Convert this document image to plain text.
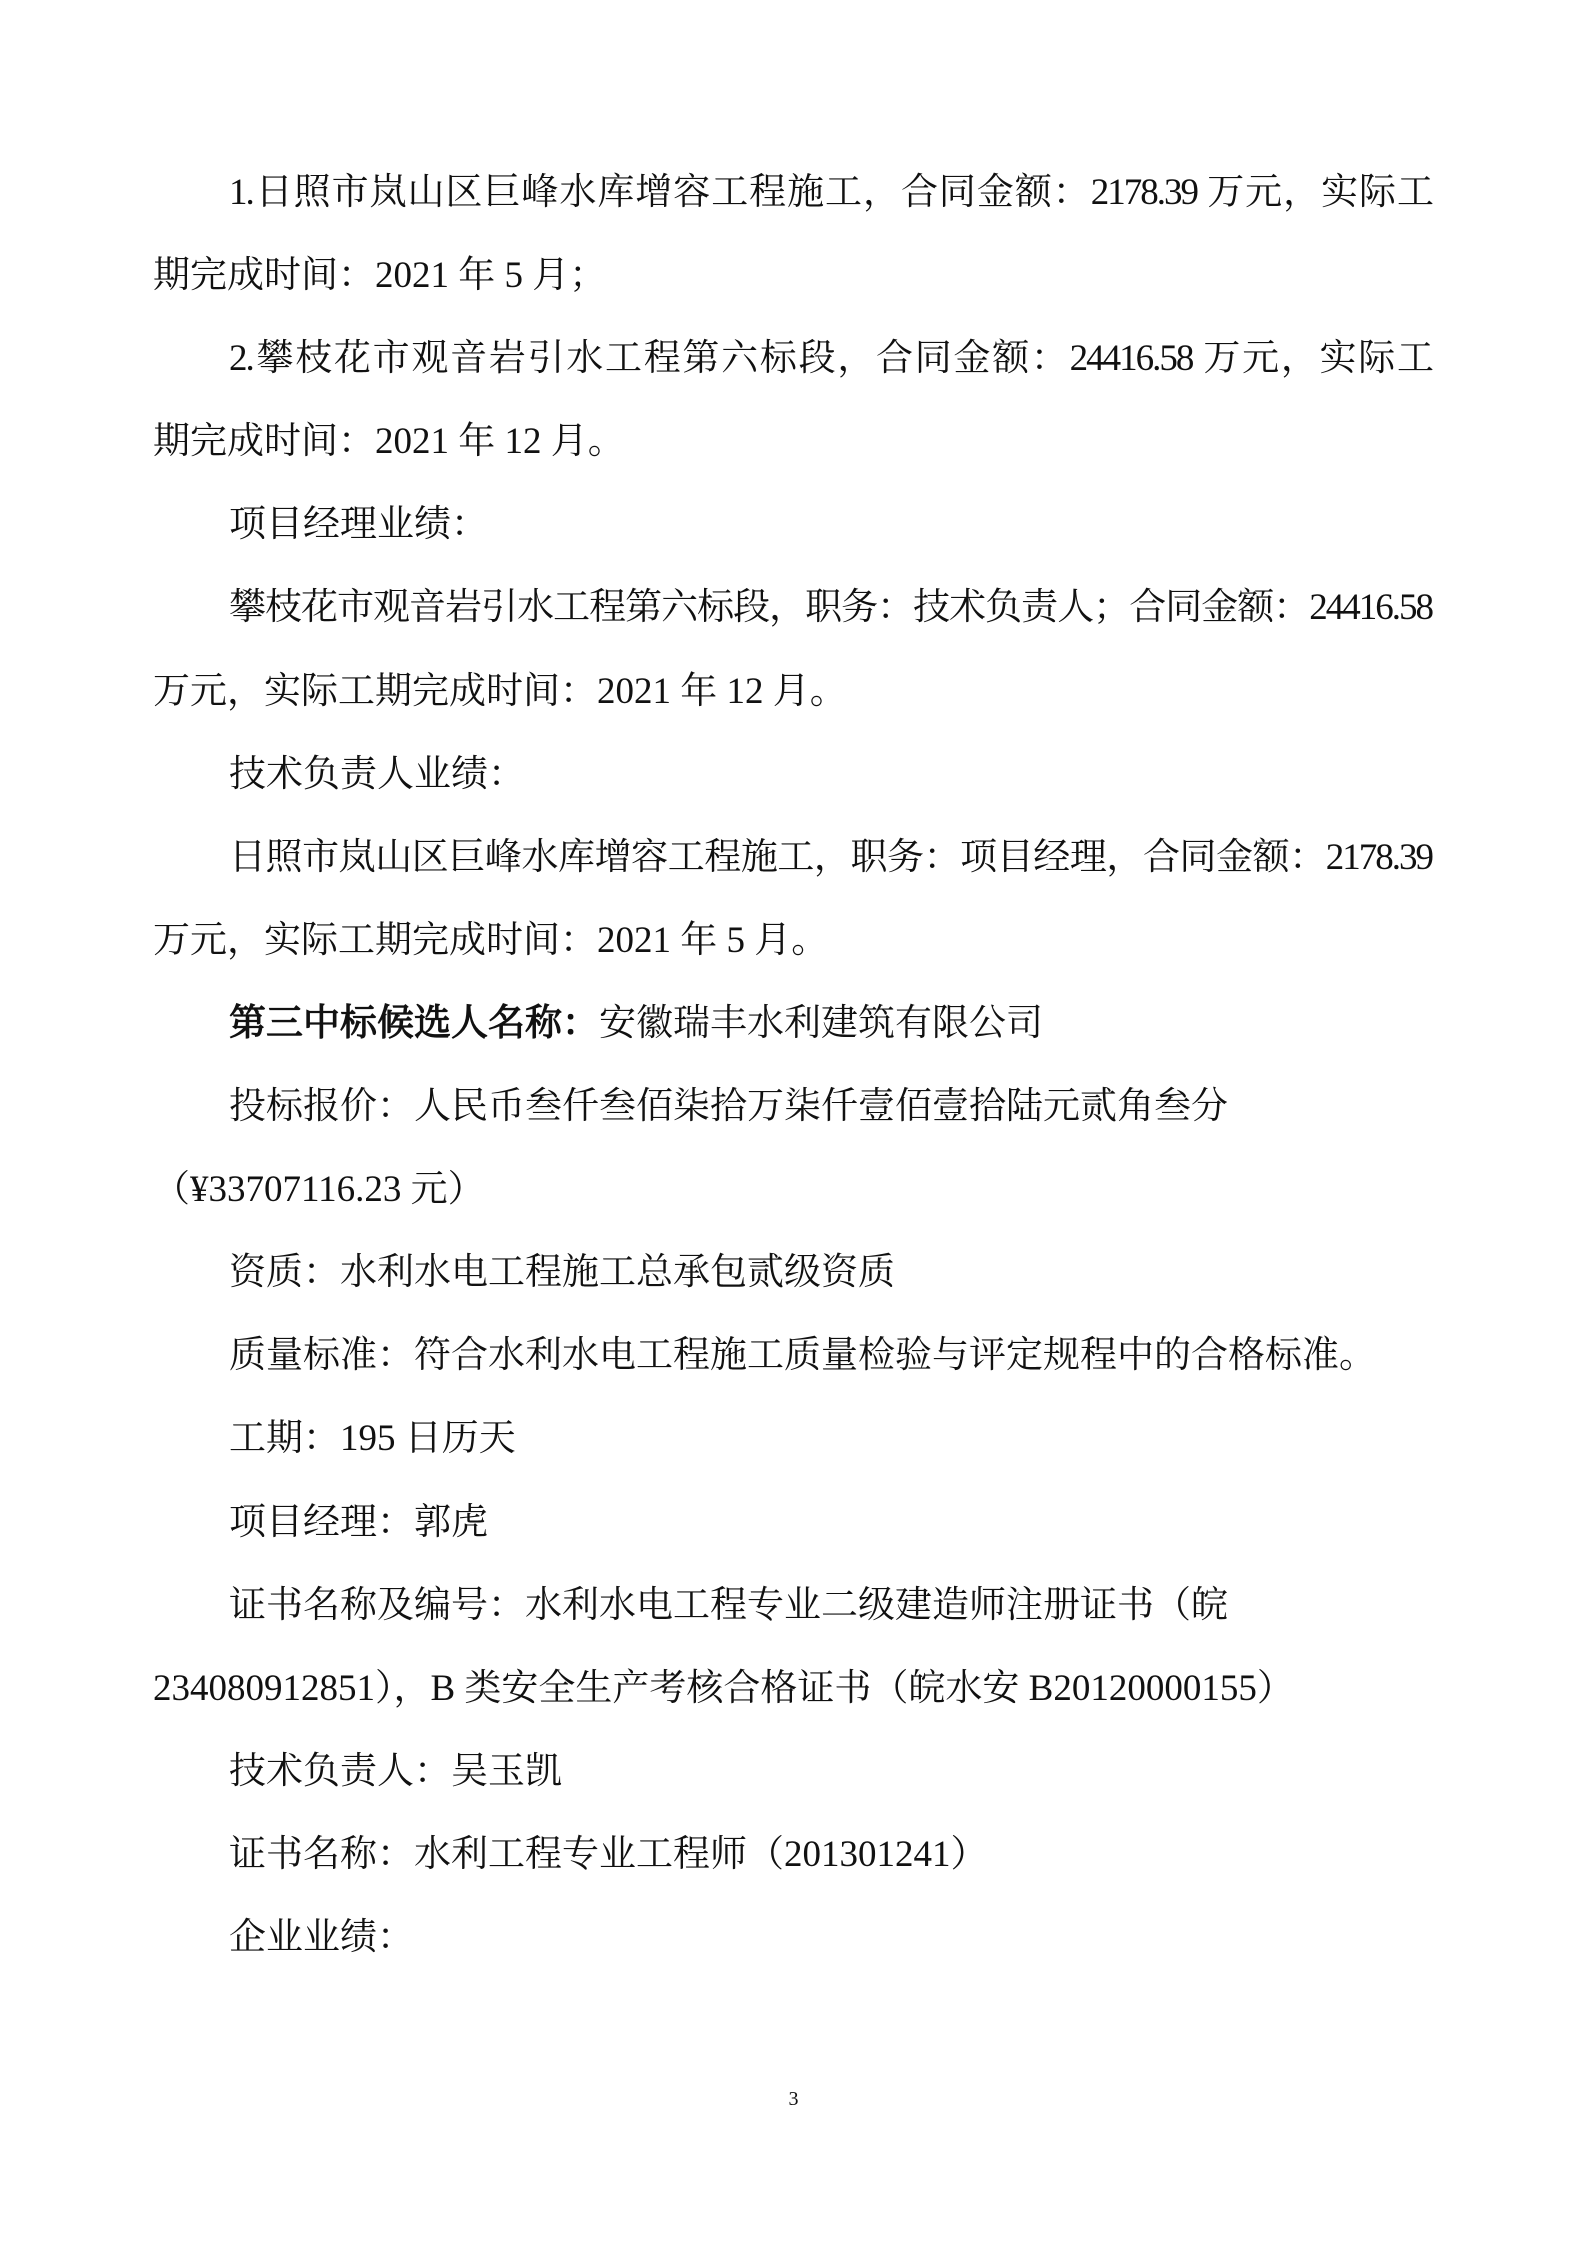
1.日照市岚山区巨峰水库增容工程施工，合同金额：2178.39 万元，实际工
期完成时间：2021 年 5 月；
2.攀枝花市观音岩引水工程第六标段，合同金额：24416.58 万元，实际工
期完成时间：2021 年 12 月。
项目经理业绩：
攀枝花市观音岩引水工程第六标段，职务：技术负责人；合同金额：24416.58
万元，实际工期完成时间：2021 年 12 月。
技术负责人业绩：
日照市岚山区巨峰水库增容工程施工，职务：项目经理，合同金额：2178.39
万元，实际工期完成时间：2021 年 5 月。
第三中标候选人名称：安徽瑞丰水利建筑有限公司
投标报价：人民币叁仟叁佰柒拾万柒仟壹佰壹拾陆元贰角叁分
（¥33707116.23 元）
资质：水利水电工程施工总承包贰级资质
质量标准：符合水利水电工程施工质量检验与评定规程中的合格标准。
工期：195 日历天
项目经理：郭虎
证书名称及编号：水利水电工程专业二级建造师注册证书（皖
234080912851），B 类安全生产考核合格证书（皖水安 B20120000155）
技术负责人：吴玉凯
证书名称：水利工程专业工程师（201301241）
企业业绩：
3
